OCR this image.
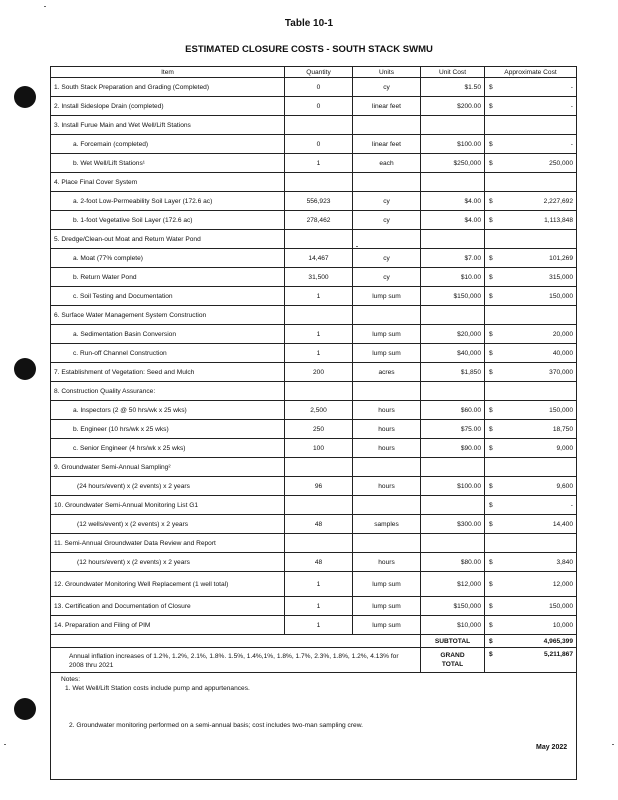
Table 10-1
ESTIMATED CLOSURE COSTS - SOUTH STACK SWMU
Item	Quantity	Units	Unit Cost	Approximate Cost
1. South Stack Preparation and Grading (Completed)	0	cy	$1.50	$ -

2. Install Sideslope Drain (completed)	0	linear feet	$200.00	$ -

3. Install Furue Main and Wet Well/Lift Stations				
a. Forcemain (completed)	0	linear feet	$100.00	$ -

b. Wet Well/Lift Stations¹	1	each	$250,000	$ 250,000

4. Place Final Cover System				
a. 2-foot Low-Permeability Soil Layer (172.6 ac)	556,923	cy	$4.00	$ 2,227,692

b. 1-foot Vegetative Soil Layer (172.6 ac)	278,462	cy	$4.00	$ 1,113,848

5. Dredge/Clean-out Moat and Return Water Pond				
a. Moat (77% complete)	14,467	cy	$7.00	$ 101,269

b. Return Water Pond	31,500	cy	$10.00	$ 315,000

c. Soil Testing and Documentation	1	lump sum	$150,000	$ 150,000

6. Surface Water Management System Construction				
a. Sedimentation Basin Conversion	1	lump sum	$20,000	$ 20,000

c. Run-off Channel Construction	1	lump sum	$40,000	$ 40,000

7. Establishment of Vegetation: Seed and Mulch	200	acres	$1,850	$ 370,000

8. Construction Quality Assurance:				
a. Inspectors (2 @ 50 hrs/wk x 25 wks)	2,500	hours	$60.00	$ 150,000

b. Engineer (10 hrs/wk x 25 wks)	250	hours	$75.00	$ 18,750

c. Senior Engineer (4 hrs/wk x 25 wks)	100	hours	$90.00	$ 9,000

9. Groundwater Semi-Annual Sampling²				
(24 hours/event) x (2 events) x 2 years	96	hours	$100.00	$ 9,600

10. Groundwater Semi-Annual Monitoring List G1				$ -

(12 wells/event) x (2 events) x 2 years	48	samples	$300.00	$ 14,400

11. Semi-Annual Groundwater Data Review and Report				
(12 hours/event) x (2 events) x 2 years	48	hours	$80.00	$ 3,840

12. Groundwater Monitoring Well Replacement (1 well total)	1	lump sum	$12,000	$ 12,000

13. Certification and Documentation of Closure	1	lump sum	$150,000	$ 150,000

14. Preparation and Filing of PIM	1	lump sum	$10,000	$ 10,000

			SUBTOTAL	$ 4,965,399

Annual inflation increases of 1.2%, 1.2%, 2.1%, 1.8%. 1.5%, 1.4%,1%, 1.8%, 1.7%, 2.3%, 1.8%, 1.2%, 4.13% for 2008 thru 2021			GRAND TOTAL	$ 5,211,867

Notes:
1. Wet Well/Lift Station costs include pump and appurtenances.
2. Groundwater monitoring performed on a semi-annual basis; cost includes two-man sampling crew.				
May 2022
